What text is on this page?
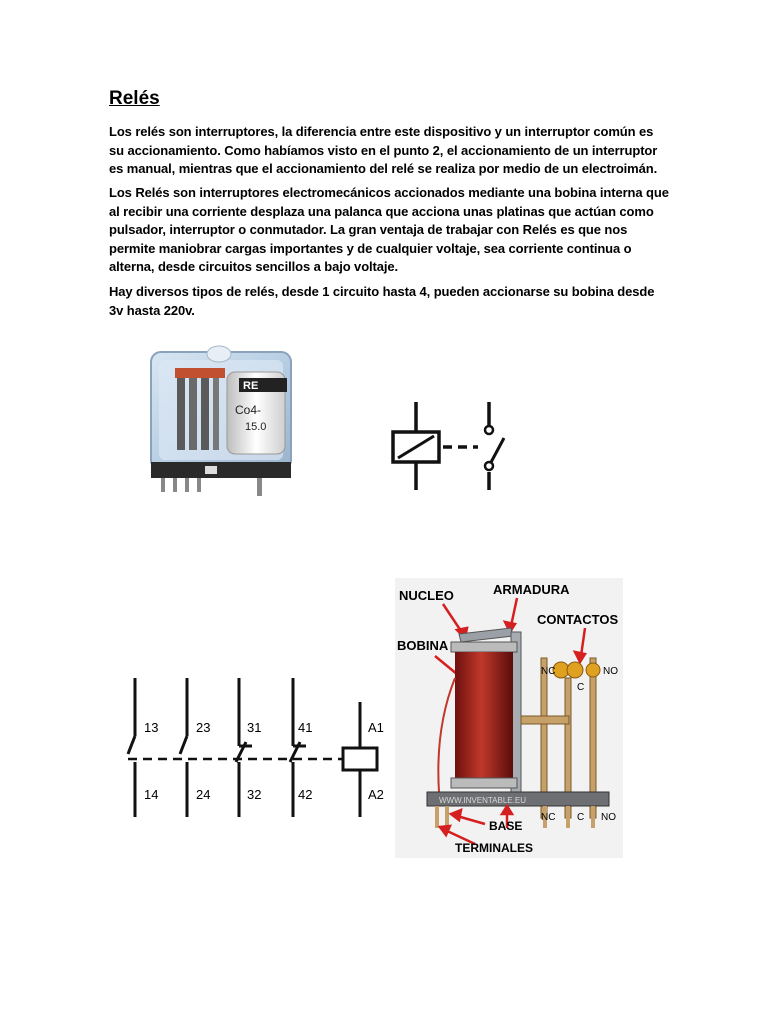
Relés

Los relés son interruptores, la diferencia entre este dispositivo y un interruptor común es su accionamiento. Como habíamos visto en el punto 2, el accionamiento de un interruptor es manual, mientras que el accionamiento del relé se realiza por medio de un electroimán.

Los Relés son interruptores electromecánicos accionados mediante una bobina interna que al recibir una corriente desplaza una palanca que acciona unas platinas que actúan como pulsador, interruptor o conmutador. La gran ventaja de trabajar con Relés es que nos permite maniobrar cargas importantes y de cualquier voltaje, sea corriente continua o alterna, desde circuitos sencillos a bajo voltaje.

Hay diversos tipos de relés, desde 1 circuito hasta 4, pueden accionarse su bobina desde 3v hasta 220v.

RE
Co4-
15.0
13	23	31	41
14	24	32	42
A1
A2
NUCLEO	ARMADURA
CONTACTOS
BOBINA
NC
C
NO
WWW.INVENTABLE.EU
NC C NO
BASE
TERMINALES
